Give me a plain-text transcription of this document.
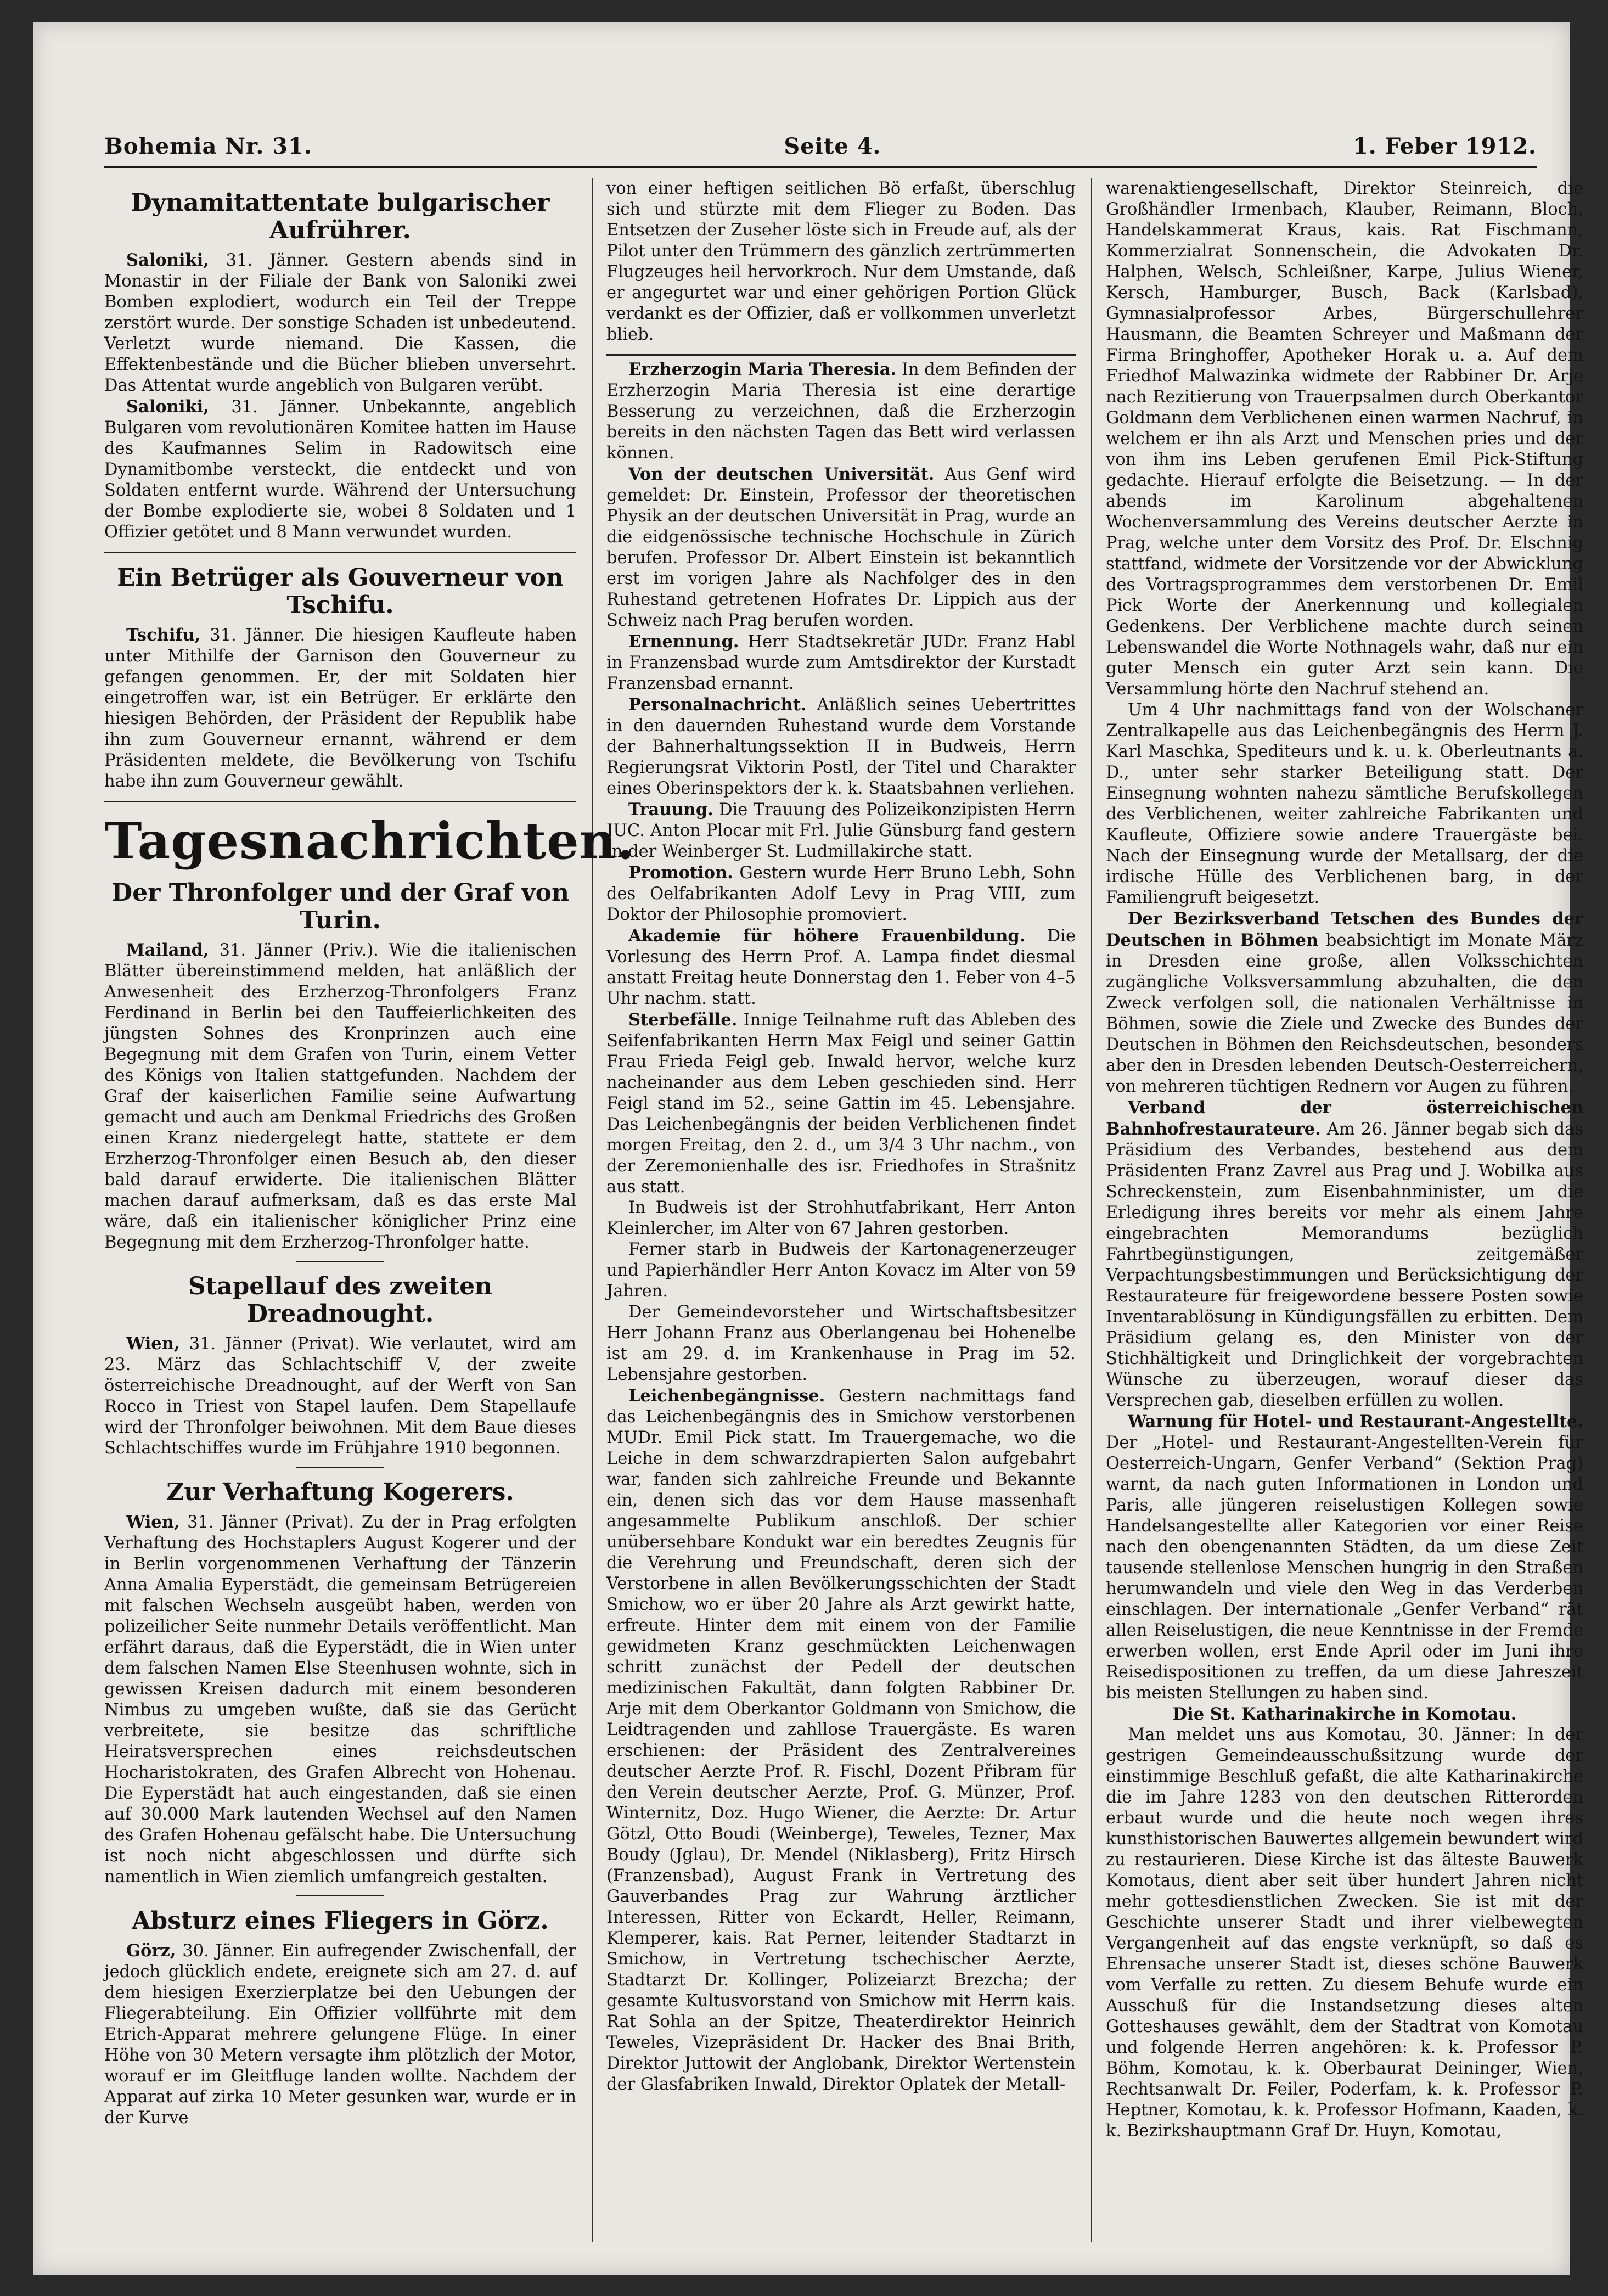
Bohemia Nr. 31.	Seite 4.	1. Feber 1912.
Dynamitattentate bulgarischer Aufrührer.

Saloniki, 31. Jänner. Gestern abends sind in Monastir in der Filiale der Bank von Saloniki zwei Bomben explodiert, wodurch ein Teil der Treppe zerstört wurde. Der sonstige Schaden ist unbedeutend. Verletzt wurde niemand. Die Kassen, die Effektenbestände und die Bücher blieben unversehrt. Das Attentat wurde angeblich von Bulgaren verübt.

Saloniki, 31. Jänner. Unbekannte, angeblich Bulgaren vom revolutionären Komitee hatten im Hause des Kaufmannes Selim in Radowitsch eine Dynamitbombe versteckt, die entdeckt und von Soldaten entfernt wurde. Während der Untersuchung der Bombe explodierte sie, wobei 8 Soldaten und 1 Offizier getötet und 8 Mann verwundet wurden.

Ein Betrüger als Gouverneur von Tschifu.

Tschifu, 31. Jänner. Die hiesigen Kaufleute haben unter Mithilfe der Garnison den Gouverneur zu gefangen genommen. Er, der mit Soldaten hier eingetroffen war, ist ein Betrüger. Er erklärte den hiesigen Behörden, der Präsident der Republik habe ihn zum Gouverneur ernannt, während er dem Präsidenten meldete, die Bevölkerung von Tschifu habe ihn zum Gouverneur gewählt.

Tagesnachrichten.
Der Thronfolger und der Graf von Turin.

Mailand, 31. Jänner (Priv.). Wie die italienischen Blätter übereinstimmend melden, hat anläßlich der Anwesenheit des Erzherzog-Thronfolgers Franz Ferdinand in Berlin bei den Tauffeierlichkeiten des jüngsten Sohnes des Kronprinzen auch eine Begegnung mit dem Grafen von Turin, einem Vetter des Königs von Italien stattgefunden. Nachdem der Graf der kaiserlichen Familie seine Aufwartung gemacht und auch am Denkmal Friedrichs des Großen einen Kranz niedergelegt hatte, stattete er dem Erzherzog-Thronfolger einen Besuch ab, den dieser bald darauf erwiderte. Die italienischen Blätter machen darauf aufmerksam, daß es das erste Mal wäre, daß ein italienischer königlicher Prinz eine Begegnung mit dem Erzherzog-Thronfolger hatte.

Stapellauf des zweiten Dreadnought.

Wien, 31. Jänner (Privat). Wie verlautet, wird am 23. März das Schlachtschiff V, der zweite österreichische Dreadnought, auf der Werft von San Rocco in Triest von Stapel laufen. Dem Stapellaufe wird der Thronfolger beiwohnen. Mit dem Baue dieses Schlachtschiffes wurde im Frühjahre 1910 begonnen.

Zur Verhaftung Kogerers.

Wien, 31. Jänner (Privat). Zu der in Prag erfolgten Verhaftung des Hochstaplers August Kogerer und der in Berlin vorgenommenen Verhaftung der Tänzerin Anna Amalia Eyperstädt, die gemeinsam Betrügereien mit falschen Wechseln ausgeübt haben, werden von polizeilicher Seite nunmehr Details veröffentlicht. Man erfährt daraus, daß die Eyperstädt, die in Wien unter dem falschen Namen Else Steenhusen wohnte, sich in gewissen Kreisen dadurch mit einem besonderen Nimbus zu umgeben wußte, daß sie das Gerücht verbreitete, sie besitze das schriftliche Heiratsversprechen eines reichsdeutschen Hocharistokraten, des Grafen Albrecht von Hohenau. Die Eyperstädt hat auch eingestanden, daß sie einen auf 30.000 Mark lautenden Wechsel auf den Namen des Grafen Hohenau gefälscht habe. Die Untersuchung ist noch nicht abgeschlossen und dürfte sich namentlich in Wien ziemlich umfangreich gestalten.

Absturz eines Fliegers in Görz.

Görz, 30. Jänner. Ein aufregender Zwischenfall, der jedoch glücklich endete, ereignete sich am 27. d. auf dem hiesigen Exerzierplatze bei den Uebungen der Fliegerabteilung. Ein Offizier vollführte mit dem Etrich-Apparat mehrere gelungene Flüge. In einer Höhe von 30 Metern versagte ihm plötzlich der Motor, worauf er im Gleitfluge landen wollte. Nachdem der Apparat auf zirka 10 Meter gesunken war, wurde er in der Kurve

von einer heftigen seitlichen Bö erfaßt, überschlug sich und stürzte mit dem Flieger zu Boden. Das Entsetzen der Zuseher löste sich in Freude auf, als der Pilot unter den Trümmern des gänzlich zertrümmerten Flugzeuges heil hervorkroch. Nur dem Umstande, daß er angegurtet war und einer gehörigen Portion Glück verdankt es der Offizier, daß er vollkommen unverletzt blieb.

Erzherzogin Maria Theresia. In dem Befinden der Erzherzogin Maria Theresia ist eine derartige Besserung zu verzeichnen, daß die Erzherzogin bereits in den nächsten Tagen das Bett wird verlassen können.

Von der deutschen Universität. Aus Genf wird gemeldet: Dr. Einstein, Professor der theoretischen Physik an der deutschen Universität in Prag, wurde an die eidgenössische technische Hochschule in Zürich berufen. Professor Dr. Albert Einstein ist bekanntlich erst im vorigen Jahre als Nachfolger des in den Ruhestand getretenen Hofrates Dr. Lippich aus der Schweiz nach Prag berufen worden.

Ernennung. Herr Stadtsekretär JUDr. Franz Habl in Franzensbad wurde zum Amtsdirektor der Kurstadt Franzensbad ernannt.

Personalnachricht. Anläßlich seines Uebertrittes in den dauernden Ruhestand wurde dem Vorstande der Bahnerhaltungssektion II in Budweis, Herrn Regierungsrat Viktorin Postl, der Titel und Charakter eines Oberinspektors der k. k. Staatsbahnen verliehen.

Trauung. Die Trauung des Polizeikonzipisten Herrn JUC. Anton Plocar mit Frl. Julie Günsburg fand gestern in der Weinberger St. Ludmillakirche statt.

Promotion. Gestern wurde Herr Bruno Lebh, Sohn des Oelfabrikanten Adolf Levy in Prag VIII, zum Doktor der Philosophie promoviert.

Akademie für höhere Frauenbildung. Die Vorlesung des Herrn Prof. A. Lampa findet diesmal anstatt Freitag heute Donnerstag den 1. Feber von 4–5 Uhr nachm. statt.

Sterbefälle. Innige Teilnahme ruft das Ableben des Seifenfabrikanten Herrn Max Feigl und seiner Gattin Frau Frieda Feigl geb. Inwald hervor, welche kurz nacheinander aus dem Leben geschieden sind. Herr Feigl stand im 52., seine Gattin im 45. Lebensjahre. Das Leichenbegängnis der beiden Verblichenen findet morgen Freitag, den 2. d., um 3/4 3 Uhr nachm., von der Zeremonienhalle des isr. Friedhofes in Strašnitz aus statt.

In Budweis ist der Strohhutfabrikant, Herr Anton Kleinlercher, im Alter von 67 Jahren gestorben.

Ferner starb in Budweis der Kartonagenerzeuger und Papierhändler Herr Anton Kovacz im Alter von 59 Jahren.

Der Gemeindevorsteher und Wirtschaftsbesitzer Herr Johann Franz aus Oberlangenau bei Hohenelbe ist am 29. d. im Krankenhause in Prag im 52. Lebensjahre gestorben.

Leichenbegängnisse. Gestern nachmittags fand das Leichenbegängnis des in Smichow verstorbenen MUDr. Emil Pick statt. Im Trauergemache, wo die Leiche in dem schwarzdrapierten Salon aufgebahrt war, fanden sich zahlreiche Freunde und Bekannte ein, denen sich das vor dem Hause massenhaft angesammelte Publikum anschloß. Der schier unübersehbare Kondukt war ein beredtes Zeugnis für die Verehrung und Freundschaft, deren sich der Verstorbene in allen Bevölkerungsschichten der Stadt Smichow, wo er über 20 Jahre als Arzt gewirkt hatte, erfreute. Hinter dem mit einem von der Familie gewidmeten Kranz geschmückten Leichenwagen schritt zunächst der Pedell der deutschen medizinischen Fakultät, dann folgten Rabbiner Dr. Arje mit dem Oberkantor Goldmann von Smichow, die Leidtragenden und zahllose Trauergäste. Es waren erschienen: der Präsident des Zentralvereines deutscher Aerzte Prof. R. Fischl, Dozent Přibram für den Verein deutscher Aerzte, Prof. G. Münzer, Prof. Winternitz, Doz. Hugo Wiener, die Aerzte: Dr. Artur Götzl, Otto Boudi (Weinberge), Teweles, Tezner, Max Boudy (Jglau), Dr. Mendel (Niklasberg), Fritz Hirsch (Franzensbad), August Frank in Vertretung des Gauverbandes Prag zur Wahrung ärztlicher Interessen, Ritter von Eckardt, Heller, Reimann, Klemperer, kais. Rat Perner, leitender Stadtarzt in Smichow, in Vertretung tschechischer Aerzte, Stadtarzt Dr. Kollinger, Polizeiarzt Brezcha; der gesamte Kultusvorstand von Smichow mit Herrn kais. Rat Sohla an der Spitze, Theaterdirektor Heinrich Teweles, Vizepräsident Dr. Hacker des Bnai Brith, Direktor Juttowit der Anglobank, Direktor Wertenstein der Glasfabriken Inwald, Direktor Oplatek der Metall-

warenaktiengesellschaft, Direktor Steinreich, die Großhändler Irmenbach, Klauber, Reimann, Bloch, Handelskammerat Kraus, kais. Rat Fischmann, Kommerzialrat Sonnenschein, die Advokaten Dr. Halphen, Welsch, Schleißner, Karpe, Julius Wiener, Kersch, Hamburger, Busch, Back (Karlsbad), Gymnasialprofessor Arbes, Bürgerschullehrer Hausmann, die Beamten Schreyer und Maßmann der Firma Bringhoffer, Apotheker Horak u. a. Auf dem Friedhof Malwazinka widmete der Rabbiner Dr. Arje nach Rezitierung von Trauerpsalmen durch Oberkantor Goldmann dem Verblichenen einen warmen Nachruf, in welchem er ihn als Arzt und Menschen pries und der von ihm ins Leben gerufenen Emil Pick-Stiftung gedachte. Hierauf erfolgte die Beisetzung. — In der abends im Karolinum abgehaltenen Wochenversammlung des Vereins deutscher Aerzte in Prag, welche unter dem Vorsitz des Prof. Dr. Elschnig stattfand, widmete der Vorsitzende vor der Abwicklung des Vortragsprogrammes dem verstorbenen Dr. Emil Pick Worte der Anerkennung und kollegialen Gedenkens. Der Verblichene machte durch seinen Lebenswandel die Worte Nothnagels wahr, daß nur ein guter Mensch ein guter Arzt sein kann. Die Versammlung hörte den Nachruf stehend an.

Um 4 Uhr nachmittags fand von der Wolschaner Zentralkapelle aus das Leichenbegängnis des Herrn J. Karl Maschka, Spediteurs und k. u. k. Oberleutnants a. D., unter sehr starker Beteiligung statt. Der Einsegnung wohnten nahezu sämtliche Berufskollegen des Verblichenen, weiter zahlreiche Fabrikanten und Kaufleute, Offiziere sowie andere Trauergäste bei. Nach der Einsegnung wurde der Metallsarg, der die irdische Hülle des Verblichenen barg, in der Familiengruft beigesetzt.

Der Bezirksverband Tetschen des Bundes der Deutschen in Böhmen beabsichtigt im Monate März in Dresden eine große, allen Volksschichten zugängliche Volksversammlung abzuhalten, die den Zweck verfolgen soll, die nationalen Verhältnisse in Böhmen, sowie die Ziele und Zwecke des Bundes der Deutschen in Böhmen den Reichsdeutschen, besonders aber den in Dresden lebenden Deutsch-Oesterreichern, von mehreren tüchtigen Rednern vor Augen zu führen.

Verband der österreichischen Bahnhofrestaurateure. Am 26. Jänner begab sich das Präsidium des Verbandes, bestehend aus dem Präsidenten Franz Zavrel aus Prag und J. Wobilka aus Schreckenstein, zum Eisenbahnminister, um die Erledigung ihres bereits vor mehr als einem Jahre eingebrachten Memorandums bezüglich Fahrtbegünstigungen, zeitgemäßer Verpachtungsbestimmungen und Berücksichtigung der Restaurateure für freigewordene bessere Posten sowie Inventarablösung in Kündigungsfällen zu erbitten. Dem Präsidium gelang es, den Minister von der Stichhältigkeit und Dringlichkeit der vorgebrachten Wünsche zu überzeugen, worauf dieser das Versprechen gab, dieselben erfüllen zu wollen.

Warnung für Hotel- und Restaurant-Angestellte. Der „Hotel- und Restaurant-Angestellten-Verein für Oesterreich-Ungarn, Genfer Verband“ (Sektion Prag) warnt, da nach guten Informationen in London und Paris, alle jüngeren reiselustigen Kollegen sowie Handelsangestellte aller Kategorien vor einer Reise nach den obengenannten Städten, da um diese Zeit tausende stellenlose Menschen hungrig in den Straßen herumwandeln und viele den Weg in das Verderben einschlagen. Der internationale „Genfer Verband“ rät allen Reiselustigen, die neue Kenntnisse in der Fremde erwerben wollen, erst Ende April oder im Juni ihre Reisedispositionen zu treffen, da um diese Jahreszeit bis meisten Stellungen zu haben sind.

Die St. Katharinakirche in Komotau.

Man meldet uns aus Komotau, 30. Jänner: In der gestrigen Gemeindeausschußsitzung wurde der einstimmige Beschluß gefaßt, die alte Katharinakirche die im Jahre 1283 von den deutschen Ritterorden erbaut wurde und die heute noch wegen ihres kunsthistorischen Bauwertes allgemein bewundert wird zu restaurieren. Diese Kirche ist das älteste Bauwerk Komotaus, dient aber seit über hundert Jahren nicht mehr gottesdienstlichen Zwecken. Sie ist mit der Geschichte unserer Stadt und ihrer vielbewegten Vergangenheit auf das engste verknüpft, so daß es Ehrensache unserer Stadt ist, dieses schöne Bauwerk vom Verfalle zu retten. Zu diesem Behufe wurde ein Ausschuß für die Instandsetzung dieses alten Gotteshauses gewählt, dem der Stadtrat von Komotau und folgende Herren angehören: k. k. Professor P. Böhm, Komotau, k. k. Oberbaurat Deininger, Wien, Rechtsanwalt Dr. Feiler, Poderfam, k. k. Professor P. Heptner, Komotau, k. k. Professor Hofmann, Kaaden, k. k. Bezirkshauptmann Graf Dr. Huyn, Komotau,
